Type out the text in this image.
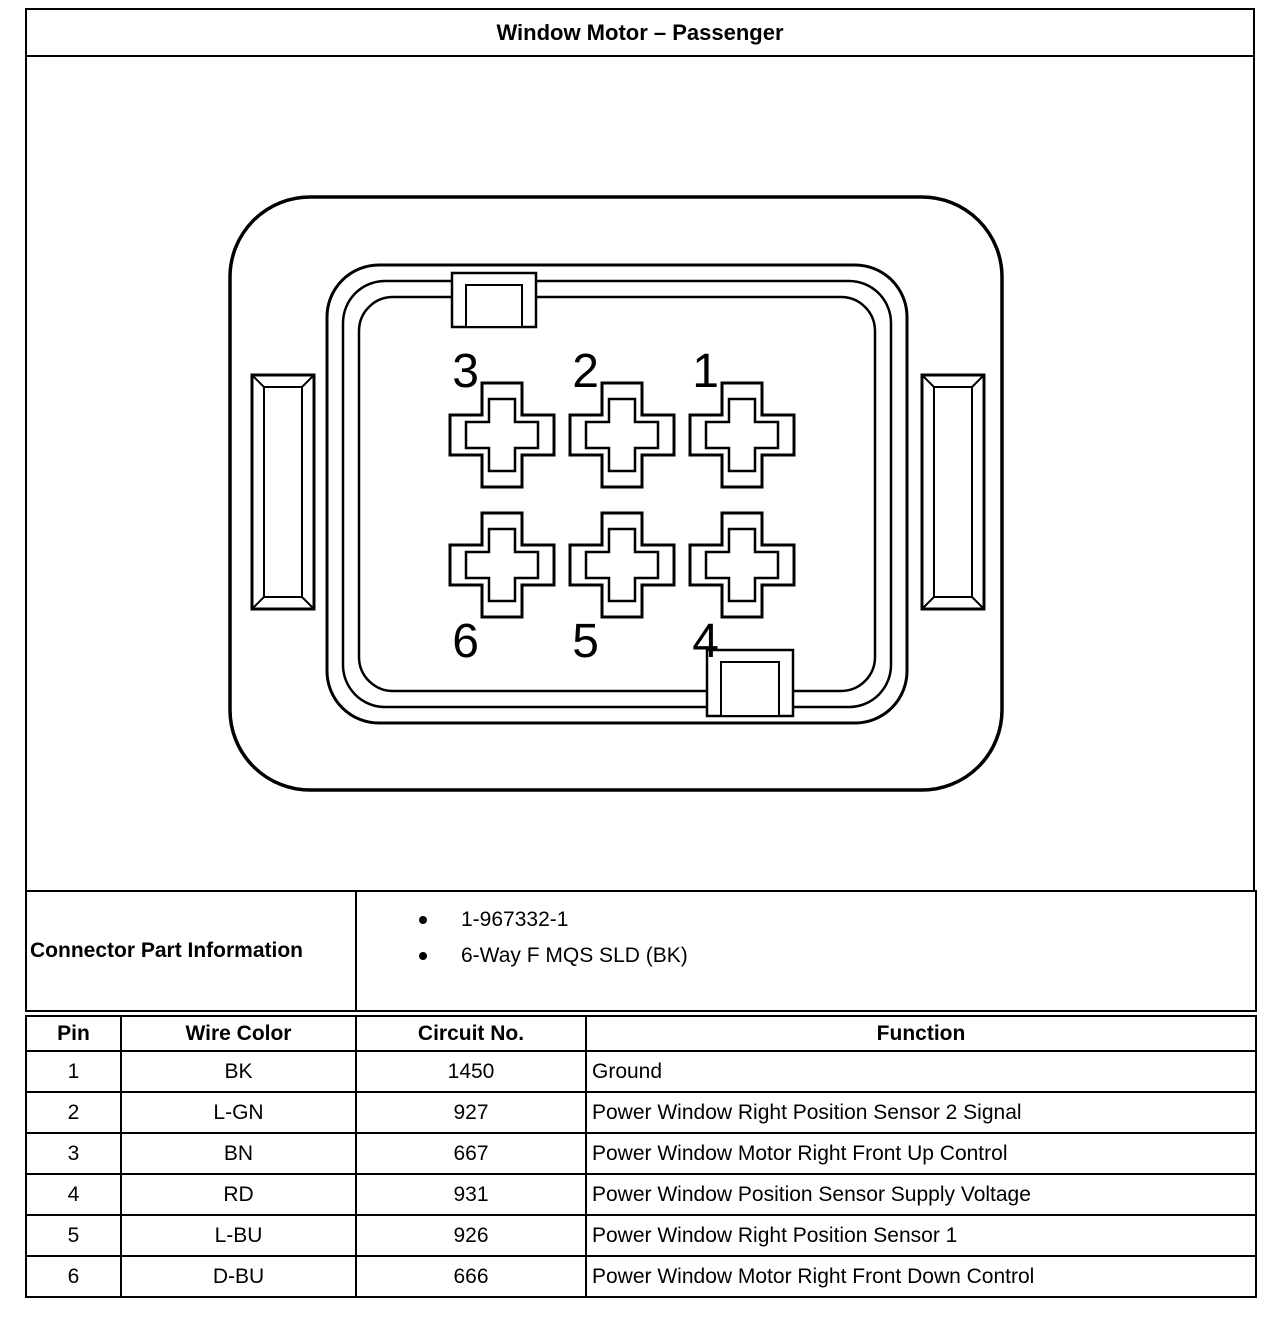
Window Motor – Passenger
3 2 1
6 5 4
Connector Part Information	
1-967332-1
6-Way F MQS SLD (BK)
Pin	Wire Color	Circuit No.	Function
1	BK	1450	Ground
2	L-GN	927	Power Window Right Position Sensor 2 Signal
3	BN	667	Power Window Motor Right Front Up Control
4	RD	931	Power Window Position Sensor Supply Voltage
5	L-BU	926	Power Window Right Position Sensor 1
6	D-BU	666	Power Window Motor Right Front Down Control
